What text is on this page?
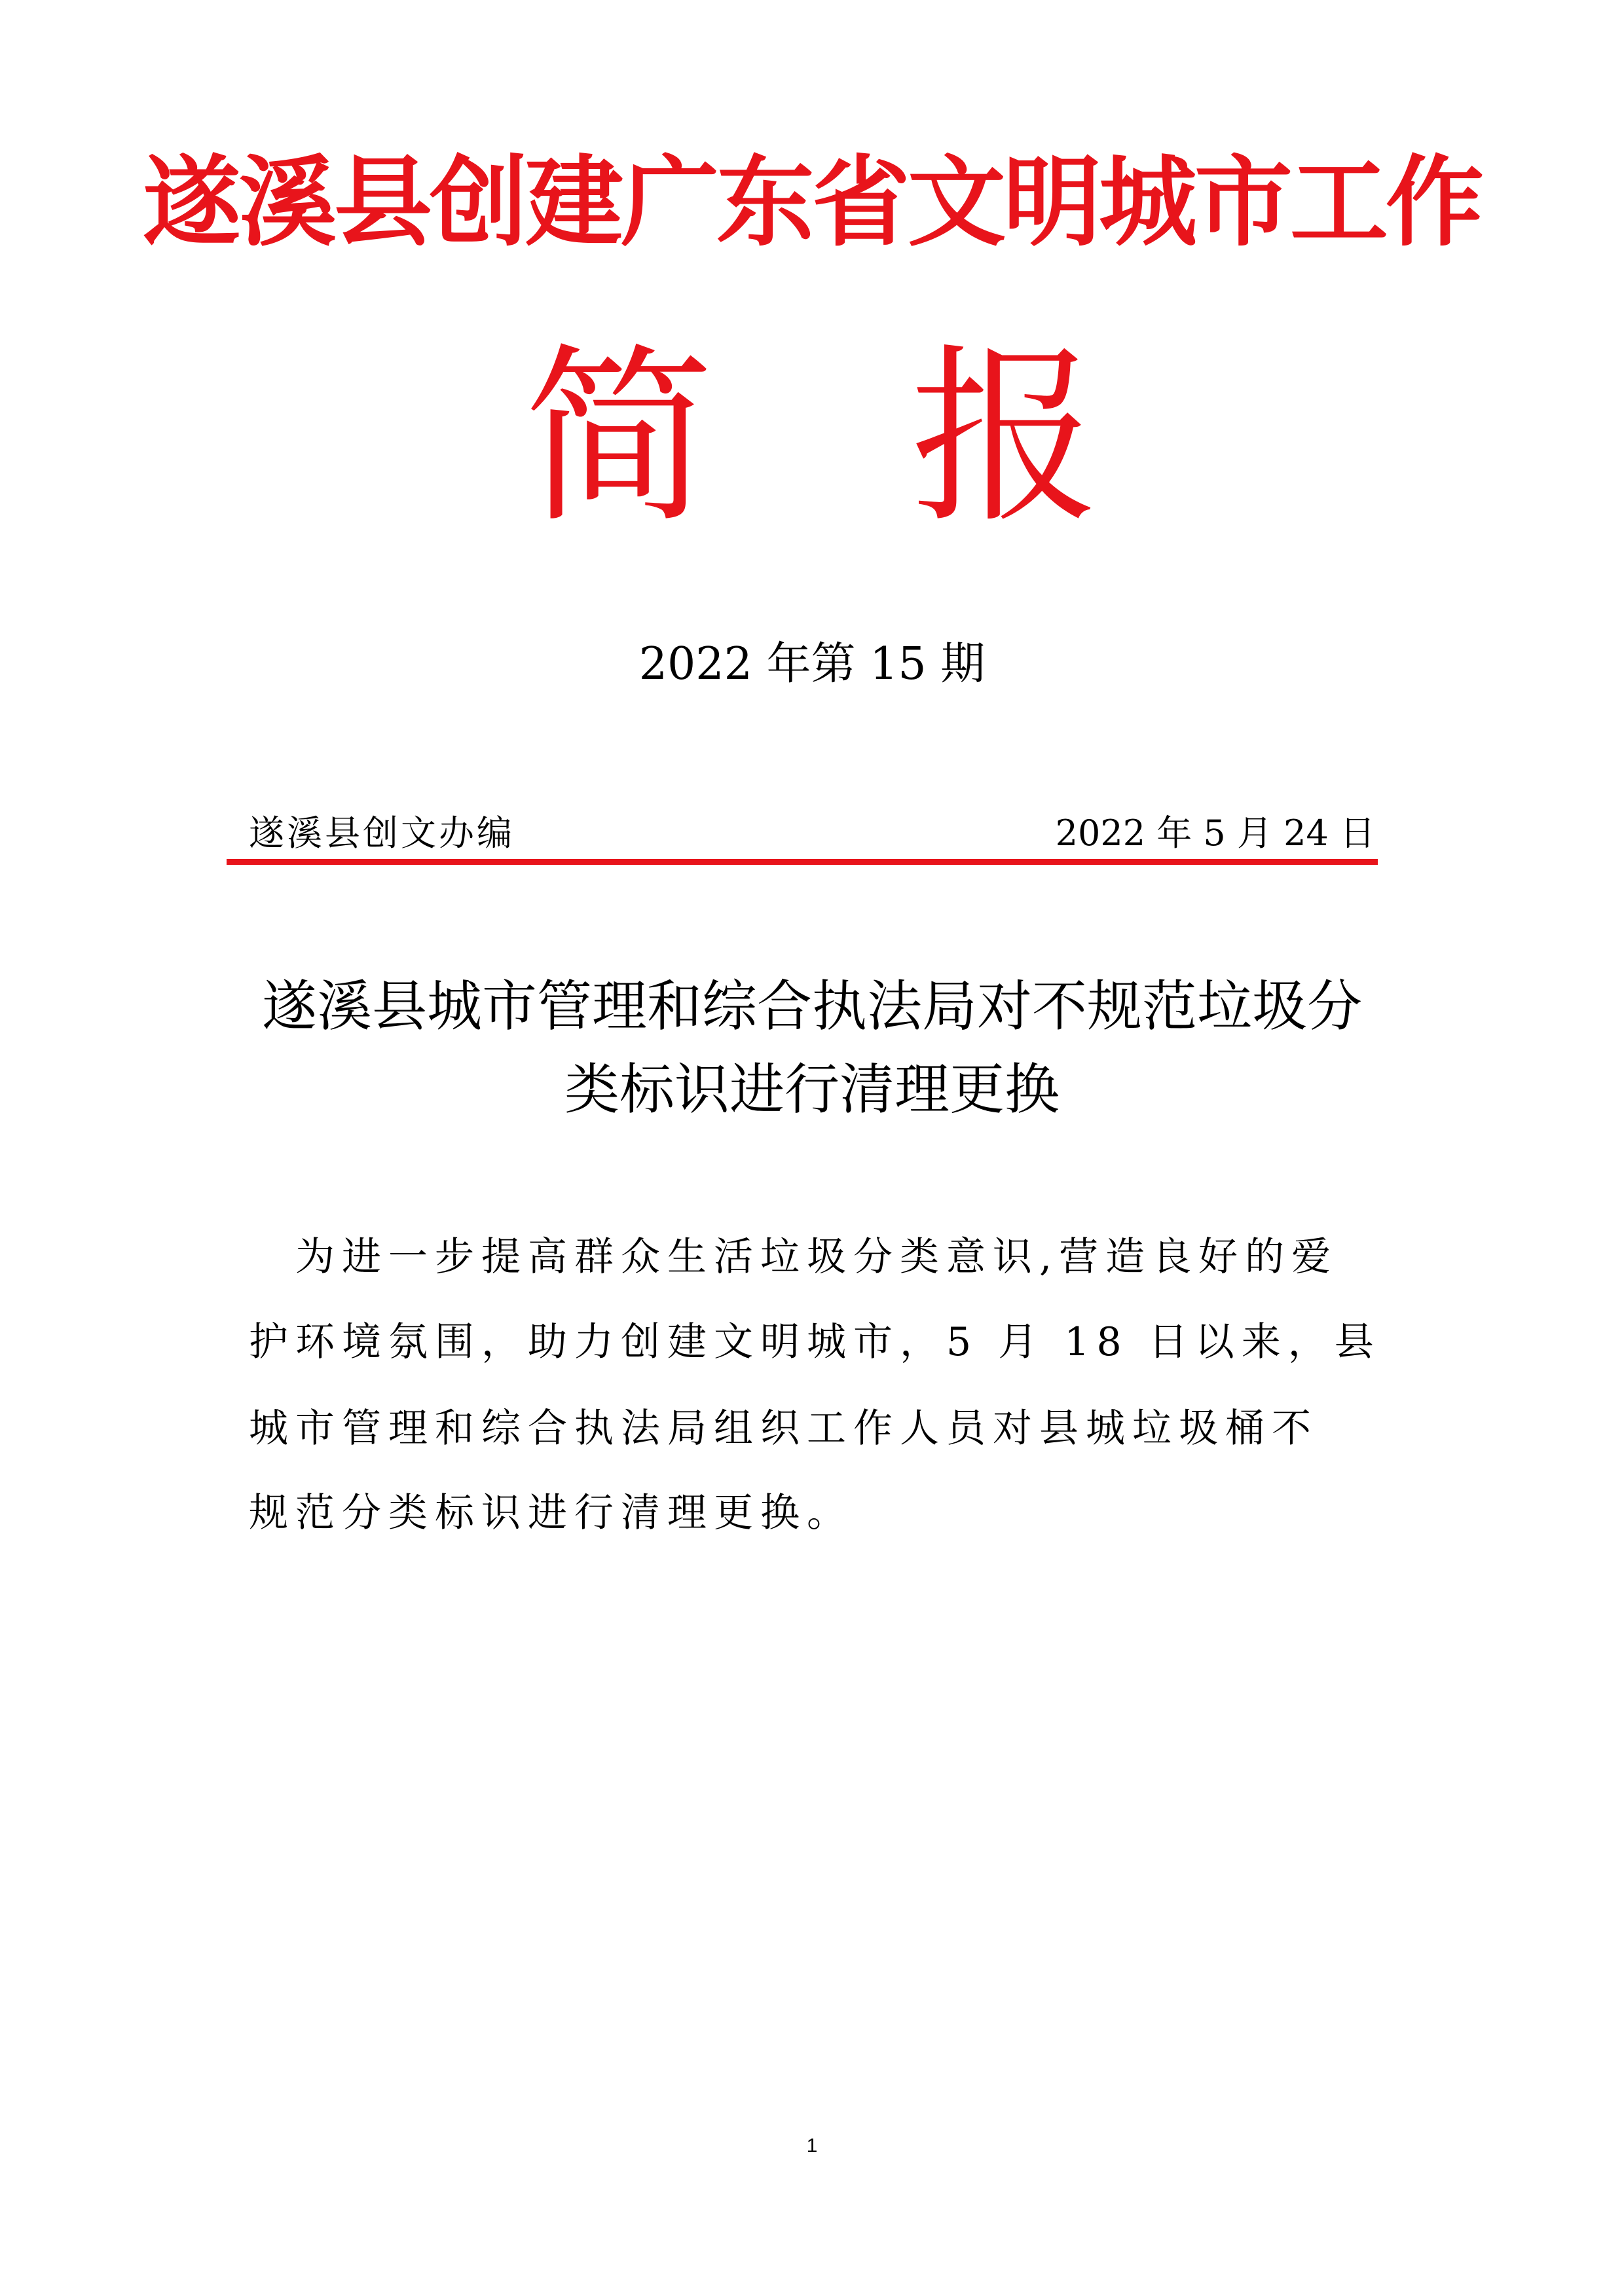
遂溪县创建广东省文明城市工作
简 报
2022 年第 15 期
遂溪县创文办编	2022 年 5 月 24 日
遂溪县城市管理和综合执法局对不规范垃圾分
类标识进行清理更换
　为进一步提高群众生活垃圾分类意识,营造良好的爱
护环境氛围，助力创建文明城市，5 月 18 日以来，县
城市管理和综合执法局组织工作人员对县城垃圾桶不
规范分类标识进行清理更换。
1
